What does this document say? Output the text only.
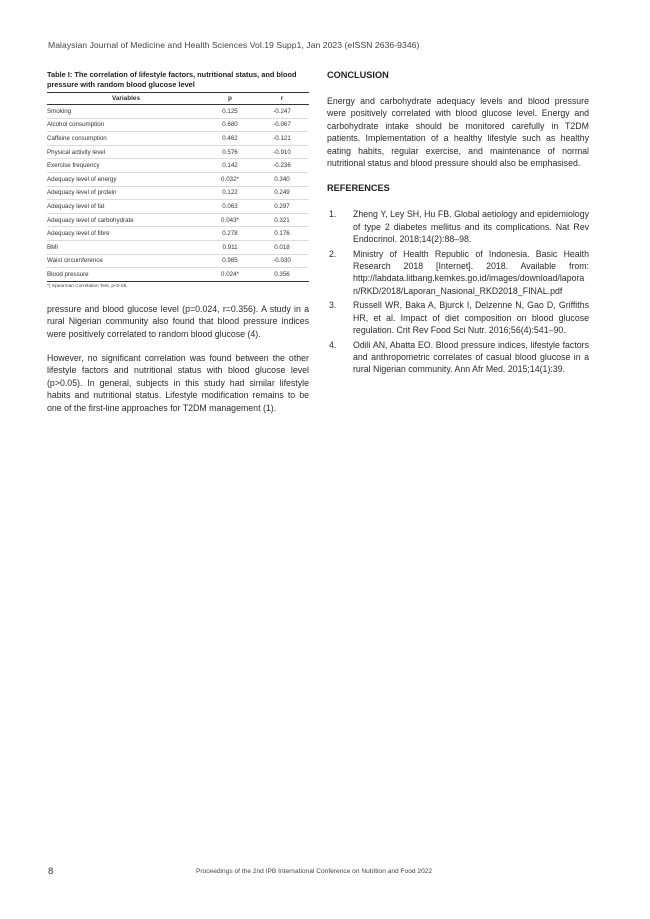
Malaysian Journal of Medicine and Health Sciences Vol.19 Supp1, Jan 2023 (eISSN 2636-9346)

Table I: The correlation of lifestyle factors, nutritional status, and blood pressure with random blood glucose level

Variables	p	r
Smoking	0.125	-0.247
Alcohol consumption	0.680	-0.067
Caffeine consumption	0.462	-0.121
Physical activity level	0.576	-0.910
Exercise frequency	0.142	-0.236
Adequacy level of energy	0.032*	0.340
Adequacy level of protein	0.122	0.249
Adequacy level of fat	0.063	0.297
Adequacy level of carbohydrate	0.043*	0.321
Adequacy level of fibre	0.278	0.176
BMI	0.911	0.018
Waist circumference	0.985	-0.030
Blood pressure	0.024*	0.356
*) Spearman Correlation Test, p<0.05.

pressure and blood glucose level (p=0.024, r=0.356). A study in a rural Nigerian community also found that blood pressure indices were positively correlated to random blood glucose (4).

However, no significant correlation was found between the other lifestyle factors and nutritional status with blood glucose level (p>0.05). In general, subjects in this study had similar lifestyle habits and nutritional status. Lifestyle modification remains to be one of the first-line approaches for T2DM management (1).

CONCLUSION

Energy and carbohydrate adequacy levels and blood pressure were positively correlated with blood glucose level. Energy and carbohydrate intake should be monitored carefully in T2DM patients. Implementation of a healthy lifestyle such as healthy eating habits, regular exercise, and maintenance of normal nutritional status and blood pressure should also be emphasised.

REFERENCES
1. Zheng Y, Ley SH, Hu FB. Global aetiology and epidemiology of type 2 diabetes mellitus and its complications. Nat Rev Endocrinol. 2018;14(2):88–98.
2. Ministry of Health Republic of Indonesia. Basic Health Research 2018 [Internet]. 2018. Available from: http://labdata.litbang.kemkes.go.id/images/download/laporan/RKD/2018/Laporan_Nasional_RKD2018_FINAL.pdf
3. Russell WR, Baka A, Bjurck I, Delzenne N, Gao D, Griffiths HR, et al. Impact of diet composition on blood glucose regulation. Crit Rev Food Sci Nutr. 2016;56(4):541–90.
4. Odili AN, Abatta EO. Blood pressure indices, lifestyle factors and anthropometric correlates of casual blood glucose in a rural Nigerian community. Ann Afr Med. 2015;14(1):39.
8	Proceedings of the 2nd IPB International Conference on Nutrition and Food 2022
